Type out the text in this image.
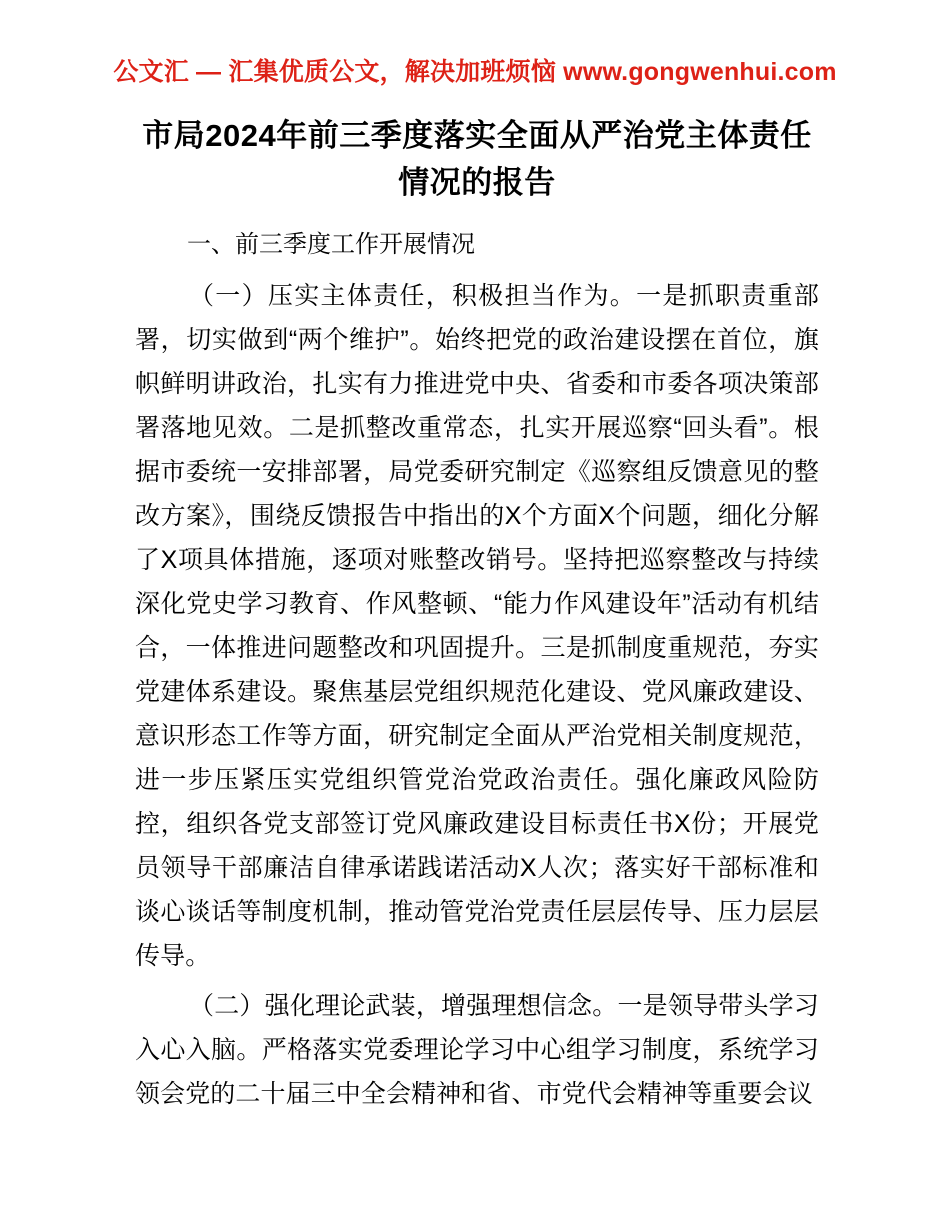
公文汇 — 汇集优质公文，解决加班烦恼 www.gongwenhui.com
市局2024年前三季度落实全面从严治党主体责任情况的报告

一、前三季度工作开展情况

（一）压实主体责任，积极担当作为。一是抓职责重部署，切实做到“两个维护”。始终把党的政治建设摆在首位，旗帜鲜明讲政治，扎实有力推进党中央、省委和市委各项决策部署落地见效。二是抓整改重常态，扎实开展巡察“回头看”。根据市委统一安排部署，局党委研究制定《巡察组反馈意见的整改方案》，围绕反馈报告中指出的X个方面X个问题，细化分解了X项具体措施，逐项对账整改销号。坚持把巡察整改与持续深化党史学习教育、作风整顿、“能力作风建设年”活动有机结合，一体推进问题整改和巩固提升。三是抓制度重规范，夯实党建体系建设。聚焦基层党组织规范化建设、党风廉政建设、意识形态工作等方面，研究制定全面从严治党相关制度规范，进一步压紧压实党组织管党治党政治责任。强化廉政风险防控，组织各党支部签订党风廉政建设目标责任书X份；开展党员领导干部廉洁自律承诺践诺活动X人次；落实好干部标准和谈心谈话等制度机制，推动管党治党责任层层传导、压力层层传导。

（二）强化理论武装，增强理想信念。一是领导带头学习入心入脑。严格落实党委理论学习中心组学习制度，系统学习领会党的二十届三中全会精神和省、市党代会精神等重要会议
